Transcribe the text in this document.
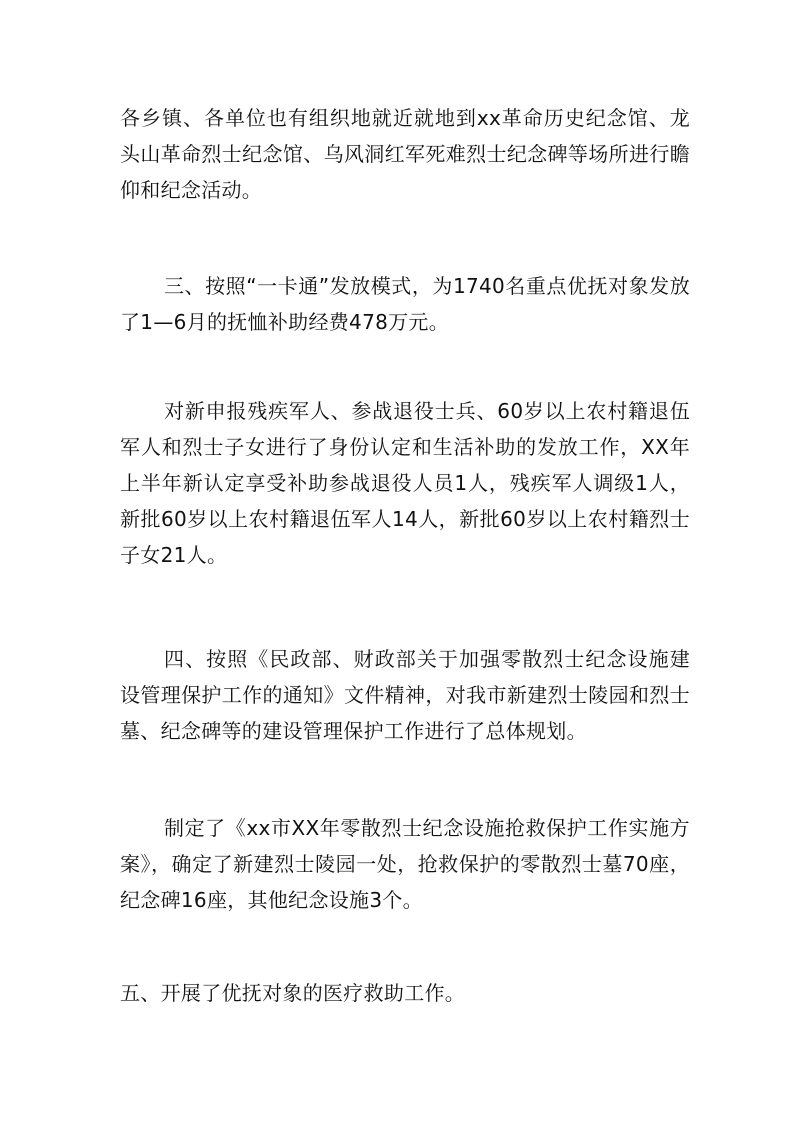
各乡镇、各单位也有组织地就近就地到xx革命历史纪念馆、龙头山革命烈士纪念馆、乌风洞红军死难烈士纪念碑等场所进行瞻仰和纪念活动。

三、按照“一卡通”发放模式，为1740名重点优抚对象发放了1—6月的抚恤补助经费478万元。

对新申报残疾军人、参战退役士兵、60岁以上农村籍退伍军人和烈士子女进行了身份认定和生活补助的发放工作，XX年上半年新认定享受补助参战退役人员1人，残疾军人调级1人，新批60岁以上农村籍退伍军人14人，新批60岁以上农村籍烈士子女21人。

四、按照《民政部、财政部关于加强零散烈士纪念设施建设管理保护工作的通知》文件精神，对我市新建烈士陵园和烈士墓、纪念碑等的建设管理保护工作进行了总体规划。

制定了《xx市XX年零散烈士纪念设施抢救保护工作实施方案》，确定了新建烈士陵园一处，抢救保护的零散烈士墓70座，纪念碑16座，其他纪念设施3个。

五、开展了优抚对象的医疗救助工作。
